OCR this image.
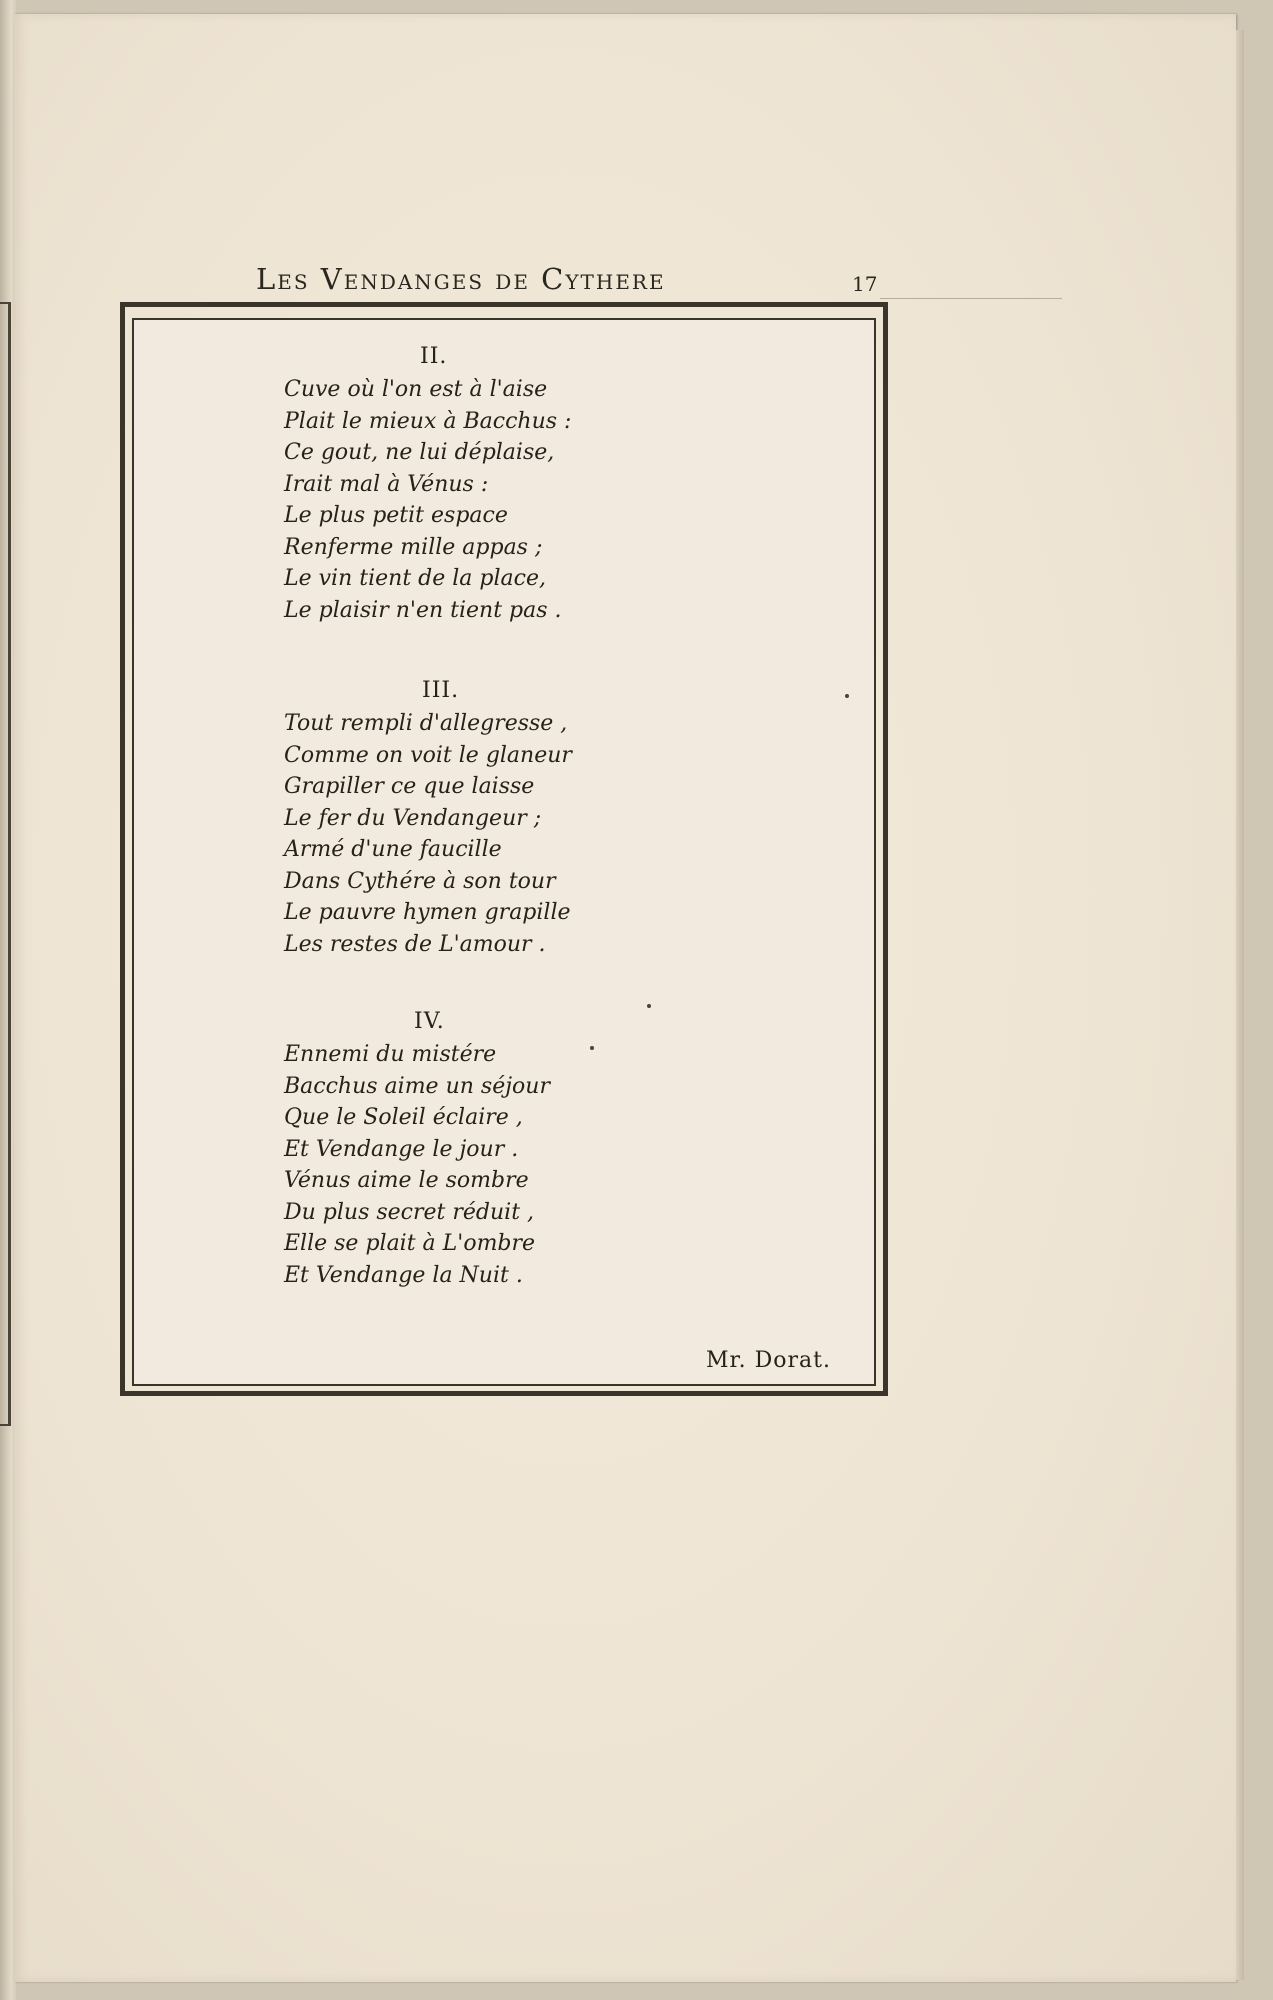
Les Vendanges de Cythere	17
II.
Cuve où l'on est à l'aise
Plait le mieux à Bacchus :
Ce gout, ne lui déplaise,
Irait mal à Vénus :
Le plus petit espace
Renferme mille appas ;
Le vin tient de la place,
Le plaisir n'en tient pas .
III.
Tout rempli d'allegresse ,
Comme on voit le glaneur
Grapiller ce que laisse
Le fer du Vendangeur ;
Armé d'une faucille
Dans Cythére à son tour
Le pauvre hymen grapille
Les restes de L'amour .
IV.
Ennemi du mistére
Bacchus aime un séjour
Que le Soleil éclaire ,
Et Vendange le jour .
Vénus aime le sombre
Du plus secret réduit ,
Elle se plait à L'ombre
Et Vendange la Nuit .
Mr. Dorat.
